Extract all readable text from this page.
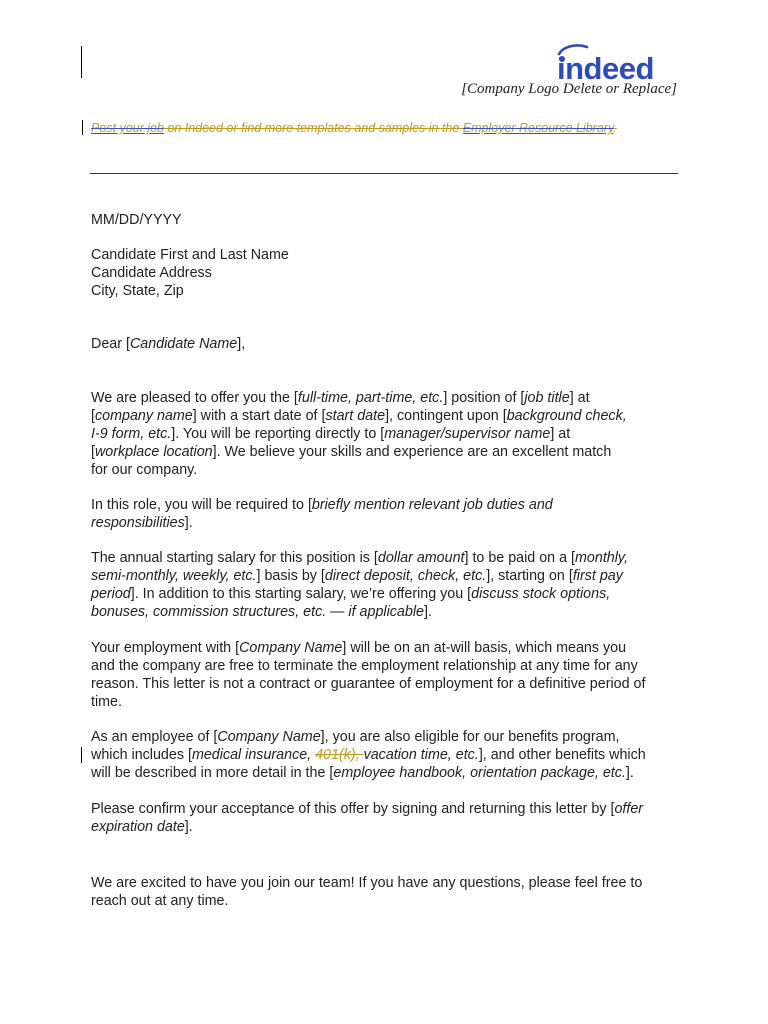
indeed
[Company Logo Delete or Replace]
Post your job on Indeed or find more templates and samples in the Employer Resource Library.

MM/DD/YYYY

Candidate First and Last Name

Candidate Address

City, State, Zip

Dear [Candidate Name],

We are pleased to offer you the [full-time, part-time, etc.] position of [job title] at

[company name] with a start date of [start date], contingent upon [background check,

I-9 form, etc.]. You will be reporting directly to [manager/supervisor name] at

[workplace location]. We believe your skills and experience are an excellent match

for our company.

In this role, you will be required to [briefly mention relevant job duties and

responsibilities].

The annual starting salary for this position is [dollar amount] to be paid on a [monthly,

semi-monthly, weekly, etc.] basis by [direct deposit, check, etc.], starting on [first pay

period]. In addition to this starting salary, we’re offering you [discuss stock options,

bonuses, commission structures, etc. — if applicable].

Your employment with [Company Name] will be on an at-will basis, which means you

and the company are free to terminate the employment relationship at any time for any

reason. This letter is not a contract or guarantee of employment for a definitive period of

time.

As an employee of [Company Name], you are also eligible for our benefits program,

which includes [medical insurance, 401(k), vacation time, etc.], and other benefits which

will be described in more detail in the [employee handbook, orientation package, etc.].

Please confirm your acceptance of this offer by signing and returning this letter by [offer

expiration date].

We are excited to have you join our team! If you have any questions, please feel free to

reach out at any time.
